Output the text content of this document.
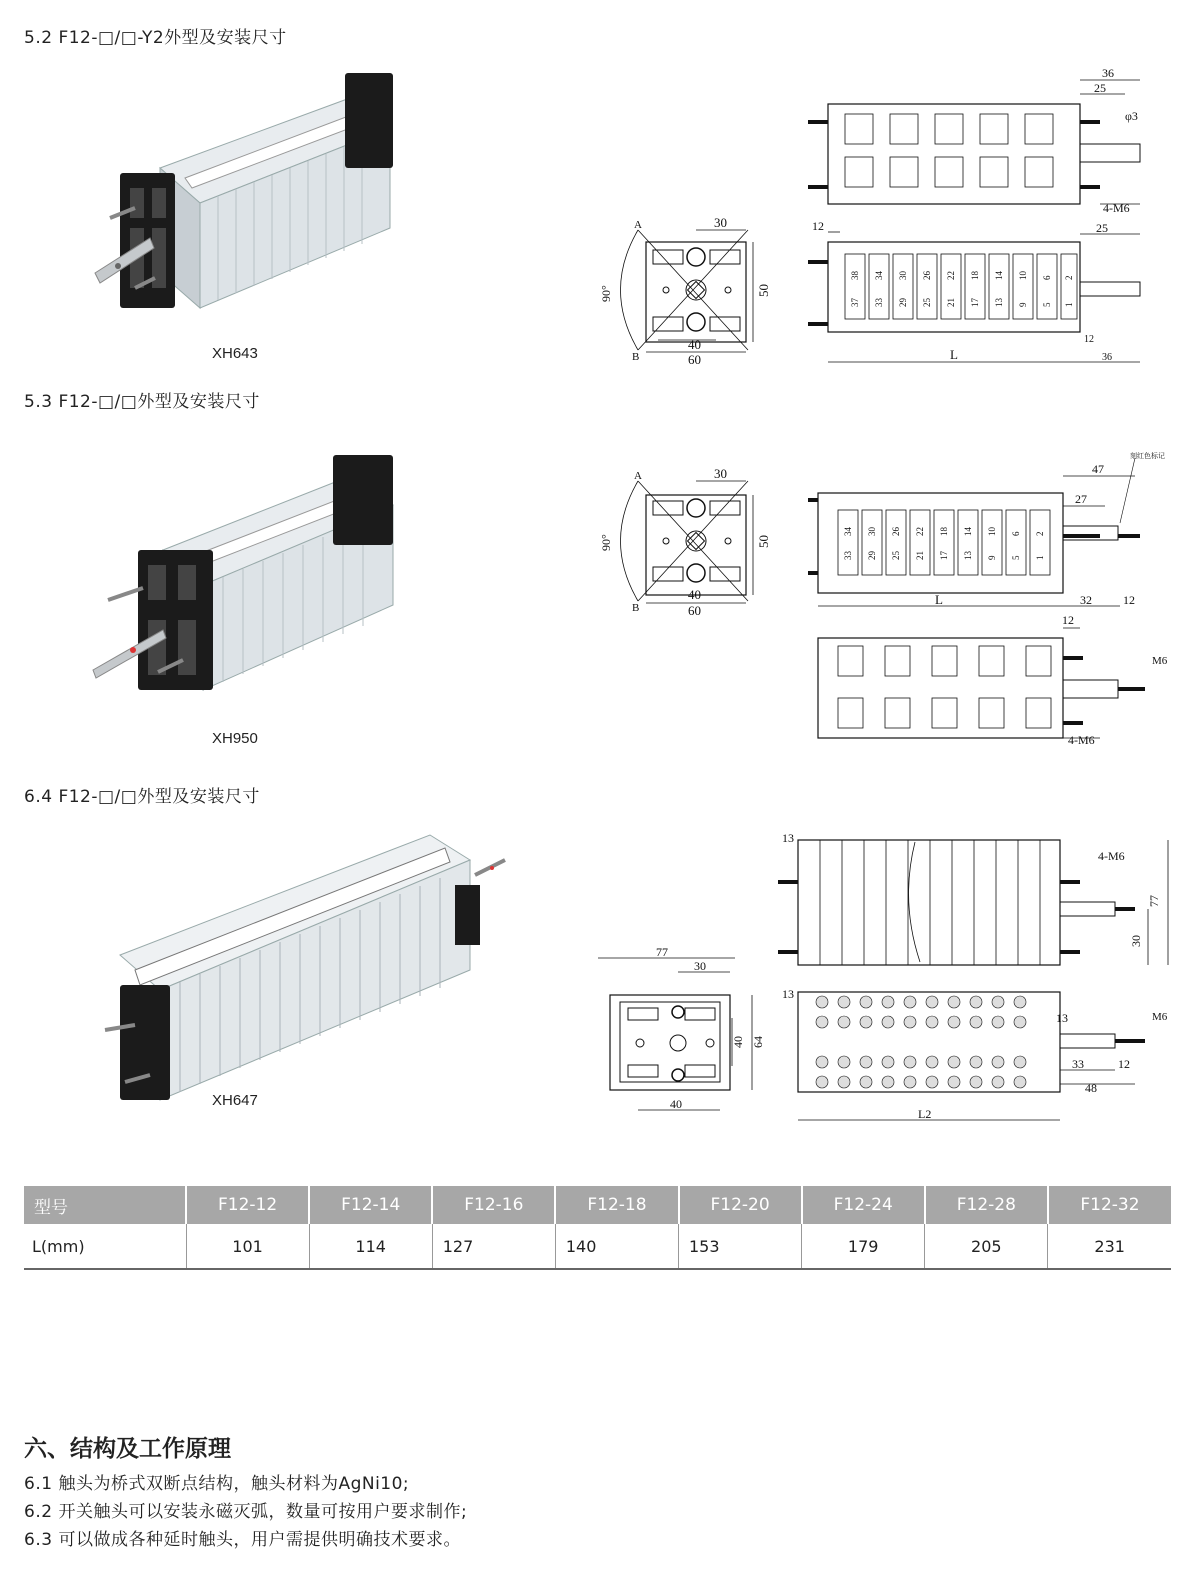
5.2 F12-□/□-Y2外型及安装尺寸
XH643
A
B
90°
30
50
40
60
36
25
φ3
4-M6
37 33 29 25 21 17 13 9 5 1
38 34 30 26 22 18 14 10 6 2
12	25
12
L	36
5.3 F12-□/□外型及安装尺寸
XH950
A
B
90°
30
50
40
60
34 30 26 22 18 14 10 6 2
33 29 25 21 17 13 9 5 1
47
27
刻红色标记
L	32	12
12
M6
4-M6
6.4 F12-□/□外型及安装尺寸
XH647
77
30
40 64
40
13
4-M6
77
30
13
13	M6
33	12
48
L2
型号	F12-12	F12-14	F12-16	F12-18	F12-20	F12-24	F12-28	F12-32
L(mm)	101	114	127	140	153	179	205	231
六、结构及工作原理
6.1 触头为桥式双断点结构，触头材料为AgNi10;
6.2 开关触头可以安装永磁灭弧，数量可按用户要求制作;
6.3 可以做成各种延时触头，用户需提供明确技术要求。
